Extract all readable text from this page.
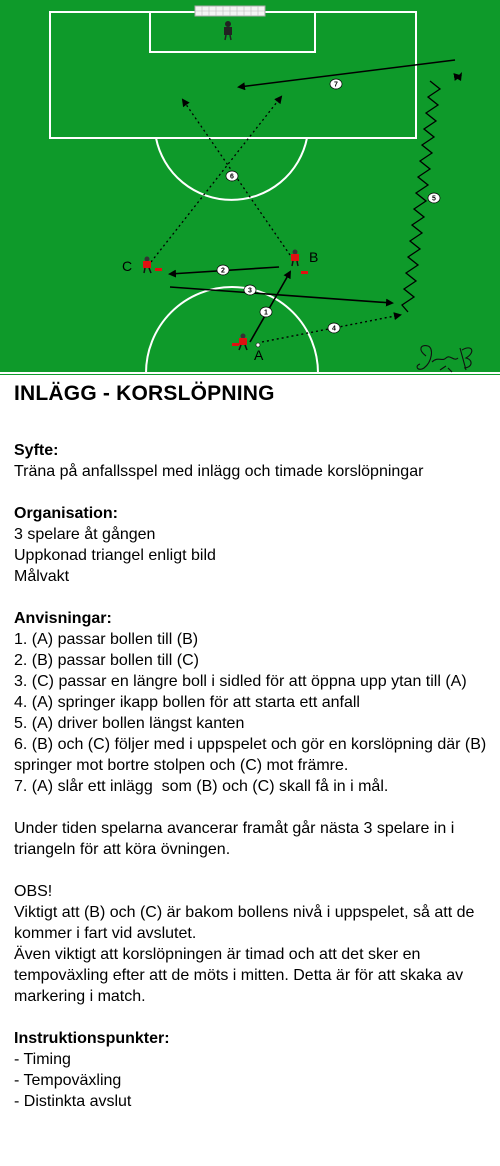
1
2
3
4
5
6
7
C
B
A
INLÄGG - KORSLÖPNING

Syfte:

Träna på anfallsspel med inlägg och timade korslöpningar

Organisation:

3 spelare åt gången

Uppkonad triangel enligt bild

Målvakt

Anvisningar:

1. (A) passar bollen till (B)

2. (B) passar bollen till (C)

3. (C) passar en längre boll i sidled för att öppna upp ytan till (A)

4. (A) springer ikapp bollen för att starta ett anfall

5. (A) driver bollen längst kanten

6. (B) och (C) följer med i uppspelet och gör en korslöpning där (B) springer mot bortre stolpen och (C) mot främre.

7. (A) slår ett inlägg  som (B) och (C) skall få in i mål.

Under tiden spelarna avancerar framåt går nästa 3 spelare in i triangeln för att köra övningen.

OBS!

Viktigt att (B) och (C) är bakom bollens nivå i uppspelet, så att de kommer i fart vid avslutet.

Även viktigt att korslöpningen är timad och att det sker en tempoväxling efter att de möts i mitten. Detta är för att skaka av markering i match.

Instruktionspunkter:

- Timing

- Tempoväxling

- Distinkta avslut
